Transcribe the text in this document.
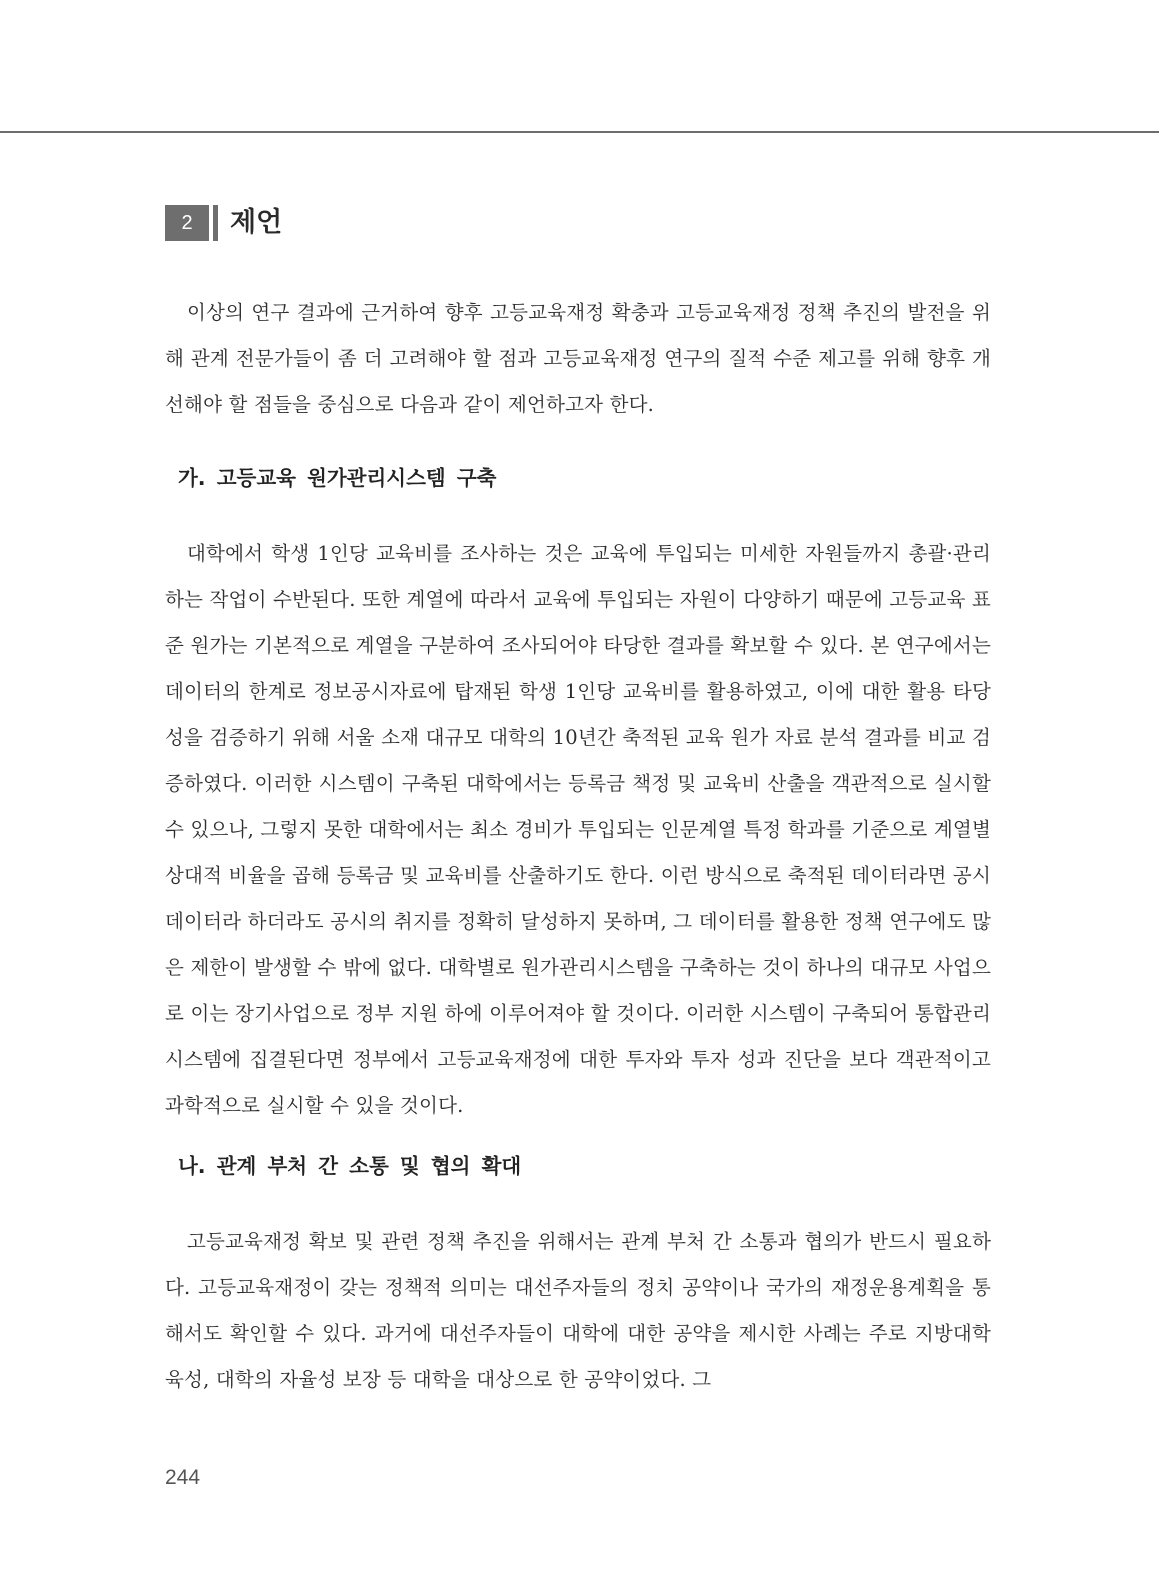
2	제언

이상의 연구 결과에 근거하여 향후 고등교육재정 확충과 고등교육재정 정책 추진의 발전을 위해 관계 전문가들이 좀 더 고려해야 할 점과 고등교육재정 연구의 질적 수준 제고를 위해 향후 개선해야 할 점들을 중심으로 다음과 같이 제언하고자 한다.

가. 고등교육 원가관리시스템 구축

대학에서 학생 1인당 교육비를 조사하는 것은 교육에 투입되는 미세한 자원들까지 총괄·관리하는 작업이 수반된다. 또한 계열에 따라서 교육에 투입되는 자원이 다양하기 때문에 고등교육 표준 원가는 기본적으로 계열을 구분하여 조사되어야 타당한 결과를 확보할 수 있다. 본 연구에서는 데이터의 한계로 정보공시자료에 탑재된 학생 1인당 교육비를 활용하였고, 이에 대한 활용 타당성을 검증하기 위해 서울 소재 대규모 대학의 10년간 축적된 교육 원가 자료 분석 결과를 비교 검증하였다. 이러한 시스템이 구축된 대학에서는 등록금 책정 및 교육비 산출을 객관적으로 실시할 수 있으나, 그렇지 못한 대학에서는 최소 경비가 투입되는 인문계열 특정 학과를 기준으로 계열별 상대적 비율을 곱해 등록금 및 교육비를 산출하기도 한다. 이런 방식으로 축적된 데이터라면 공시데이터라 하더라도 공시의 취지를 정확히 달성하지 못하며, 그 데이터를 활용한 정책 연구에도 많은 제한이 발생할 수 밖에 없다. 대학별로 원가관리시스템을 구축하는 것이 하나의 대규모 사업으로 이는 장기사업으로 정부 지원 하에 이루어져야 할 것이다. 이러한 시스템이 구축되어 통합관리시스템에 집결된다면 정부에서 고등교육재정에 대한 투자와 투자 성과 진단을 보다 객관적이고 과학적으로 실시할 수 있을 것이다.

나. 관계 부처 간 소통 및 협의 확대

고등교육재정 확보 및 관련 정책 추진을 위해서는 관계 부처 간 소통과 협의가 반드시 필요하다. 고등교육재정이 갖는 정책적 의미는 대선주자들의 정치 공약이나 국가의 재정운용계획을 통해서도 확인할 수 있다. 과거에 대선주자들이 대학에 대한 공약을 제시한 사례는 주로 지방대학 육성, 대학의 자율성 보장 등 대학을 대상으로 한 공약이었다. 그

244
